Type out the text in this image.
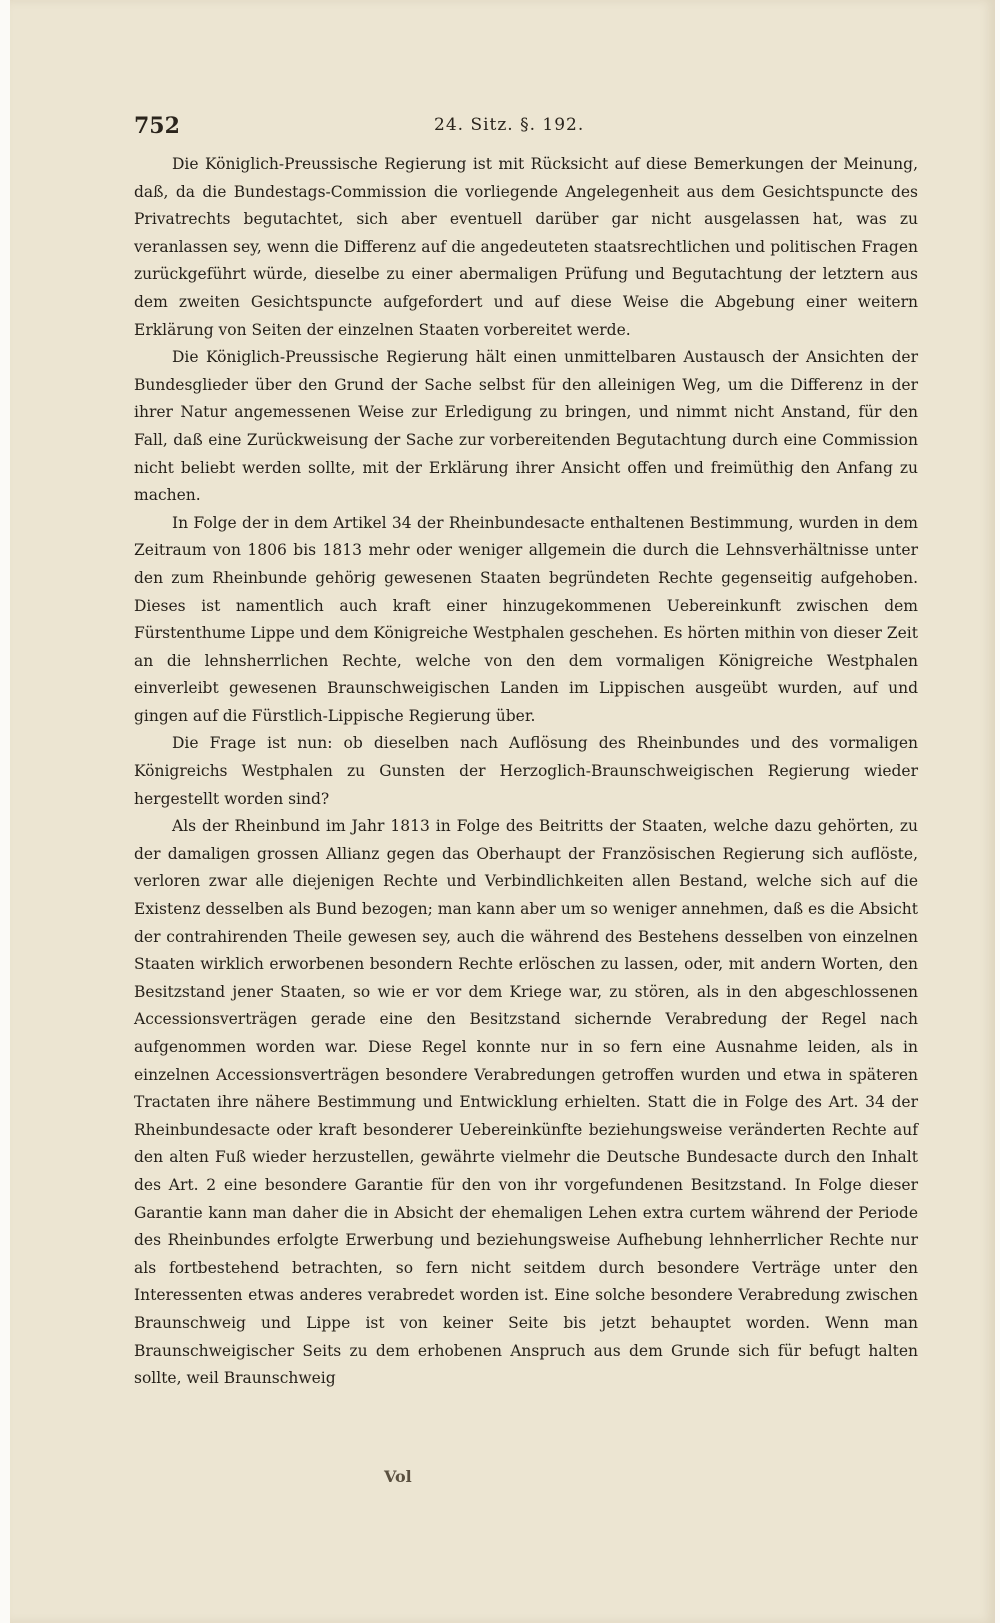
752	24. Sitz. §. 192.

Die Königlich-Preussische Regierung ist mit Rücksicht auf diese Bemerkungen der Meinung, daß, da die Bundestags-Commission die vorliegende Angelegenheit aus dem Gesichtspuncte des Privatrechts begutachtet, sich aber eventuell darüber gar nicht ausgelassen hat, was zu veranlassen sey, wenn die Differenz auf die angedeuteten staatsrechtlichen und politischen Fragen zurückgeführt würde, dieselbe zu einer abermaligen Prüfung und Begutachtung der letztern aus dem zweiten Gesichtspuncte aufgefordert und auf diese Weise die Abgebung einer weitern Erklärung von Seiten der einzelnen Staaten vorbereitet werde.

Die Königlich-Preussische Regierung hält einen unmittelbaren Austausch der Ansichten der Bundesglieder über den Grund der Sache selbst für den alleinigen Weg, um die Differenz in der ihrer Natur angemessenen Weise zur Erledigung zu bringen, und nimmt nicht Anstand, für den Fall, daß eine Zurückweisung der Sache zur vorbereitenden Begutachtung durch eine Commission nicht beliebt werden sollte, mit der Erklärung ihrer Ansicht offen und freimüthig den Anfang zu machen.

In Folge der in dem Artikel 34 der Rheinbundesacte enthaltenen Bestimmung, wurden in dem Zeitraum von 1806 bis 1813 mehr oder weniger allgemein die durch die Lehnsverhältnisse unter den zum Rheinbunde gehörig gewesenen Staaten begründeten Rechte gegenseitig aufgehoben. Dieses ist namentlich auch kraft einer hinzugekommenen Uebereinkunft zwischen dem Fürstenthume Lippe und dem Königreiche Westphalen geschehen. Es hörten mithin von dieser Zeit an die lehnsherrlichen Rechte, welche von den dem vormaligen Königreiche Westphalen einverleibt gewesenen Braunschweigischen Landen im Lippischen ausgeübt wurden, auf und gingen auf die Fürstlich-Lippische Regierung über.

Die Frage ist nun: ob dieselben nach Auflösung des Rheinbundes und des vormaligen Königreichs Westphalen zu Gunsten der Herzoglich-Braunschweigischen Regierung wieder hergestellt worden sind?

Als der Rheinbund im Jahr 1813 in Folge des Beitritts der Staaten, welche dazu gehörten, zu der damaligen grossen Allianz gegen das Oberhaupt der Französischen Regierung sich auflöste, verloren zwar alle diejenigen Rechte und Verbindlichkeiten allen Bestand, welche sich auf die Existenz desselben als Bund bezogen; man kann aber um so weniger annehmen, daß es die Absicht der contrahirenden Theile gewesen sey, auch die während des Bestehens desselben von einzelnen Staaten wirklich erworbenen besondern Rechte erlöschen zu lassen, oder, mit andern Worten, den Besitzstand jener Staaten, so wie er vor dem Kriege war, zu stören, als in den abgeschlossenen Accessionsverträgen gerade eine den Besitzstand sichernde Verabredung der Regel nach aufgenommen worden war. Diese Regel konnte nur in so fern eine Ausnahme leiden, als in einzelnen Accessionsverträgen besondere Verabredungen getroffen wurden und etwa in späteren Tractaten ihre nähere Bestimmung und Entwicklung erhielten. Statt die in Folge des Art. 34 der Rheinbundesacte oder kraft besonderer Uebereinkünfte beziehungsweise veränderten Rechte auf den alten Fuß wieder herzustellen, gewährte vielmehr die Deutsche Bundesacte durch den Inhalt des Art. 2 eine besondere Garantie für den von ihr vorgefundenen Besitzstand. In Folge dieser Garantie kann man daher die in Absicht der ehemaligen Lehen extra curtem während der Periode des Rheinbundes erfolgte Erwerbung und beziehungsweise Aufhebung lehnherrlicher Rechte nur als fortbestehend betrachten, so fern nicht seitdem durch besondere Verträge unter den Interessenten etwas anderes verabredet worden ist. Eine solche besondere Verabredung zwischen Braunschweig und Lippe ist von keiner Seite bis jetzt behauptet worden. Wenn man Braunschweigischer Seits zu dem erhobenen Anspruch aus dem Grunde sich für befugt halten sollte, weil Braunschweig

Vol
